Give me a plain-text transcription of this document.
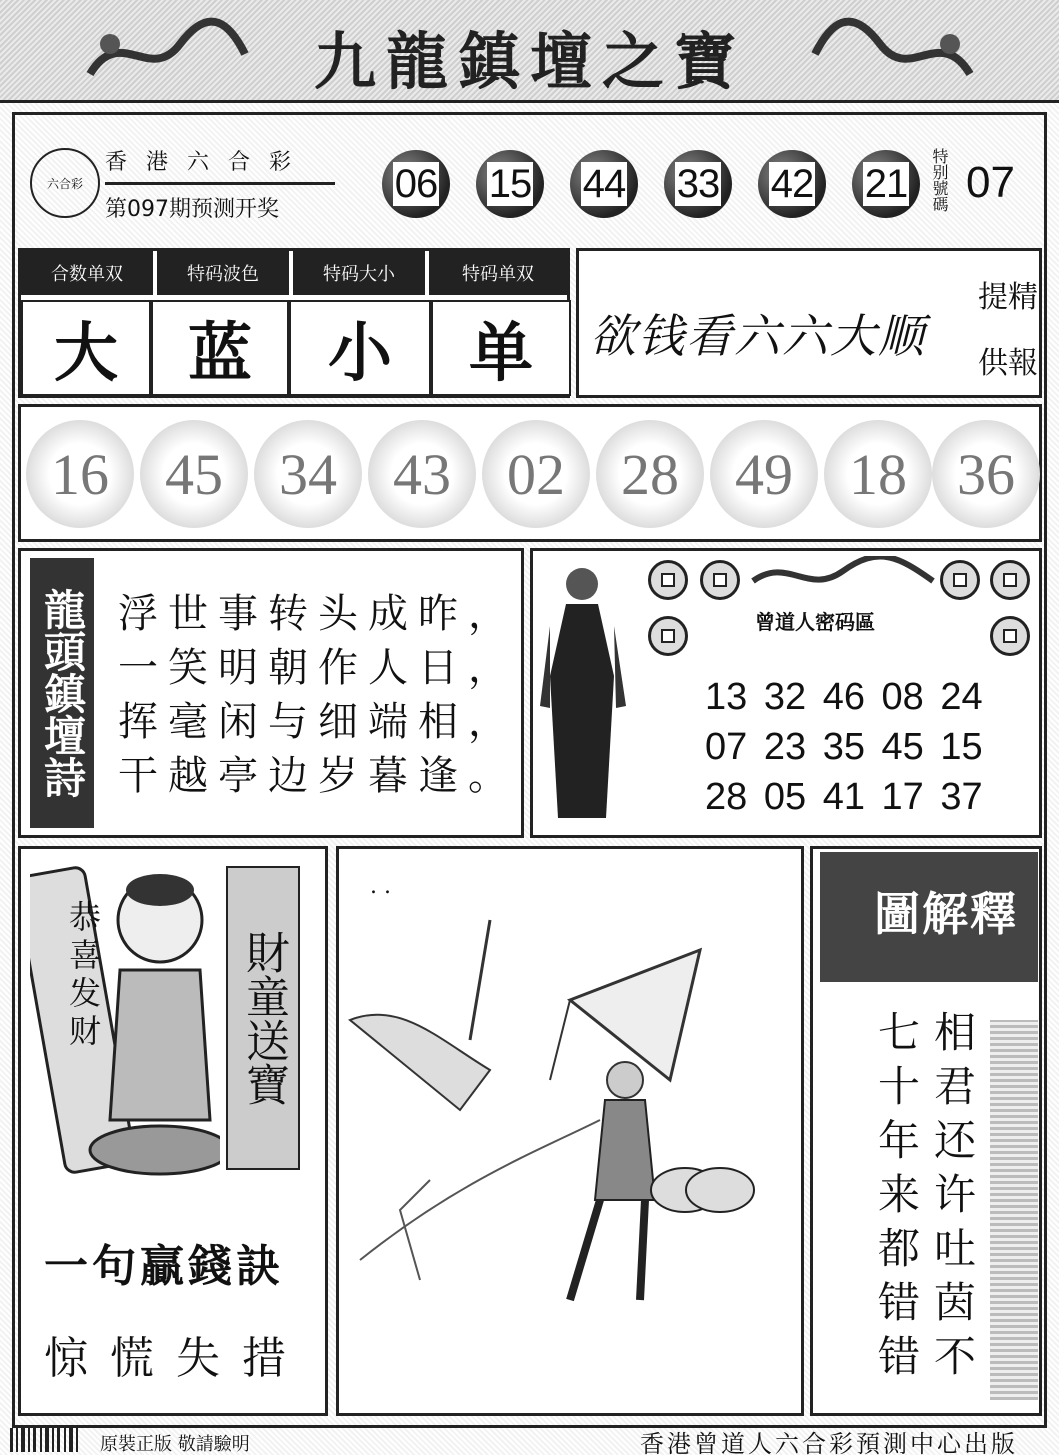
九龍鎮壇之寶
六合彩
香 港 六 合 彩
第097期预测开奖
06 15 44 33 42 21 特别號碼 07
合数单双	特码波色	特码大小	特码单双
大	蓝	小	单	欲钱看六六大顺
提精
供報
16 45 34 43 02 28 49 18 36
龍頭鎮壇詩 浮世事转头成昨，
一笑明朝作人日，
挥毫闲与细端相，
干越亭边岁暮逢。
曾道人密码區
13 32 46 08 24
07 23 35 45 15
28 05 41 17 37
恭喜发财	財童送寶
一句贏錢訣
惊慌失措
. .
圖解釋
相君还许吐茵不
七十年来都错错
原裝正版 敬請驗明	香港曾道人六合彩預測中心出版
